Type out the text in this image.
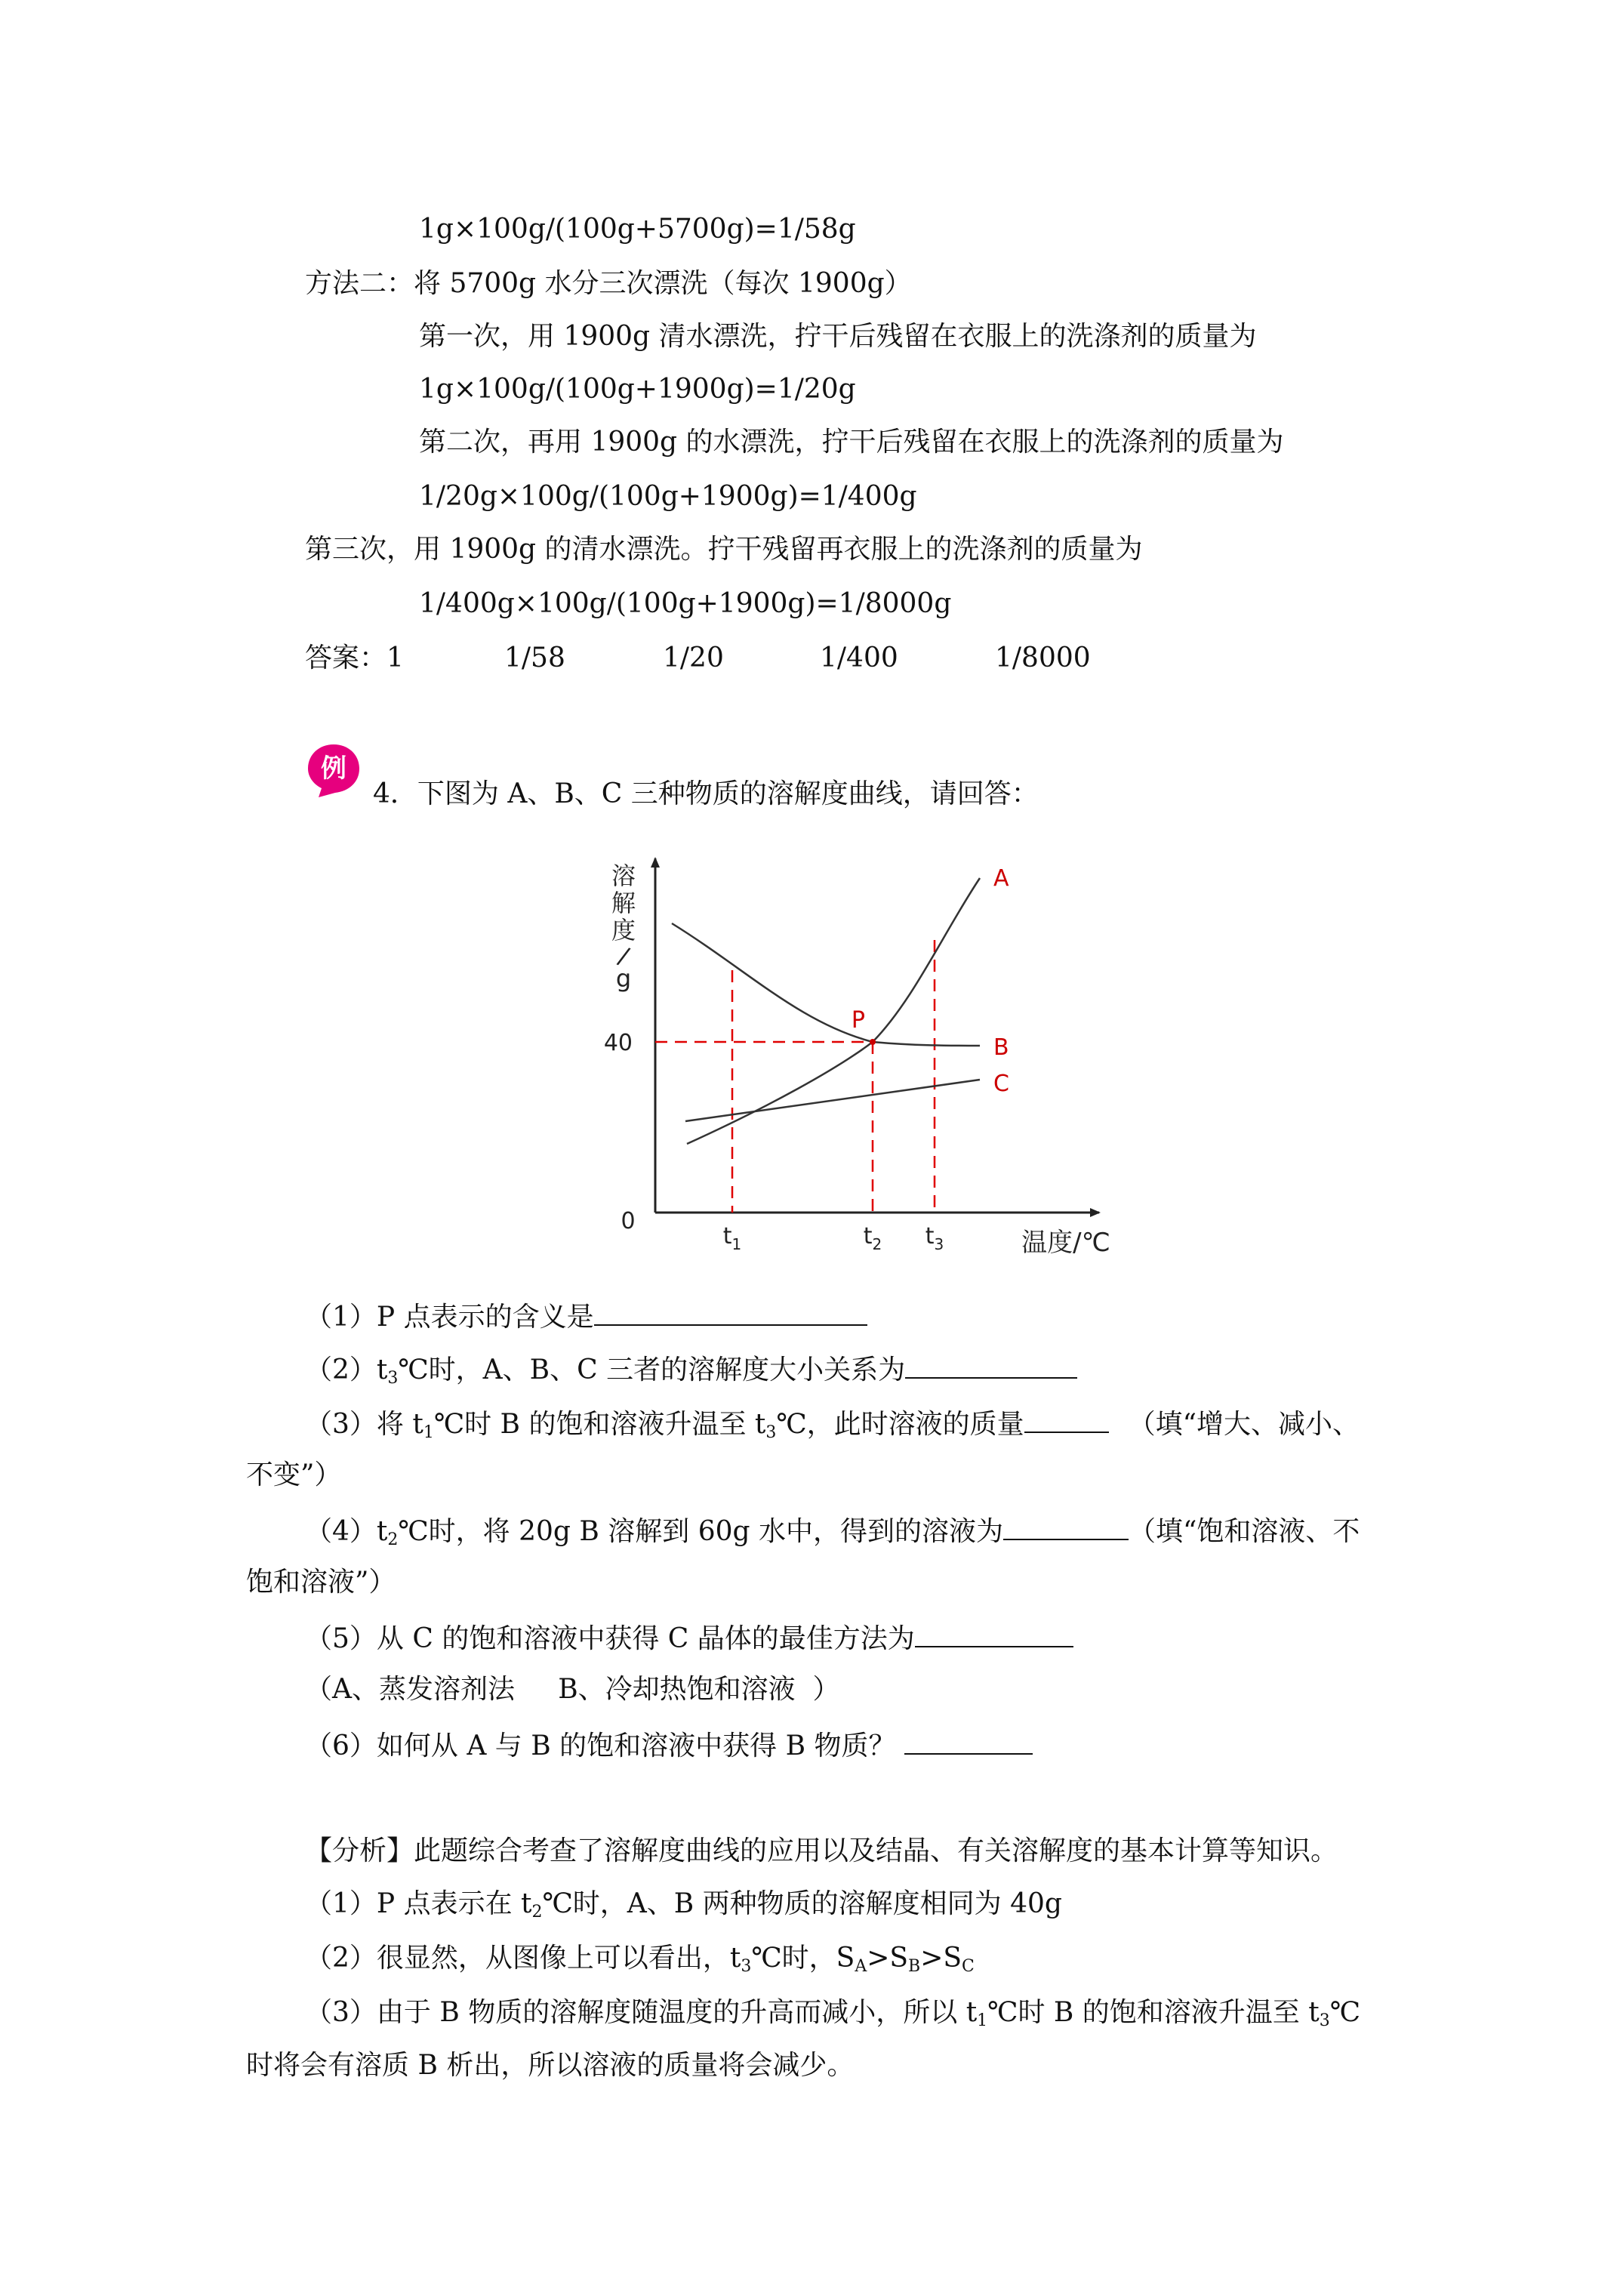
1g×100g/(100g+5700g)=1/58g
方法二：将 5700g 水分三次漂洗（每次 1900g）
第一次，用 1900g 清水漂洗，拧干后残留在衣服上的洗涤剂的质量为
1g×100g/(100g+1900g)=1/20g
第二次，再用 1900g 的水漂洗，拧干后残留在衣服上的洗涤剂的质量为
1/20g×100g/(100g+1900g)=1/400g
第三次，用 1900g 的清水漂洗。拧干残留再衣服上的洗涤剂的质量为
1/400g×100g/(100g+1900g)=1/8000g
答案：1	1/58	1/20	1/400	1/8000
例
4．下图为 A、B、C 三种物质的溶解度曲线，请回答：
溶
解
度
/
g
40
0
$t_1$	$t_2$ $t_3$	温度/℃
A
B
C
P
（1）P 点表示的含义是
$(2)t_3℃$时，A、B、C 三者的溶解度大小关系为
（3）将 $t_1℃$时 B 的饱和溶液升温至 $t_3℃$，此时溶液的质量	（填“增大、减小、
不变”）
$(4)t_2℃$时，将 20g B 溶解到 60g 水中，得到的溶液为	（填“饱和溶液、不
饱和溶液”）
（5）从 C 的饱和溶液中获得 C 晶体的最佳方法为
（A、蒸发溶剂法     B、冷却热饱和溶液  ）
（6）如何从 A 与 B 的饱和溶液中获得 B 物质？
【分析】此题综合考查了溶解度曲线的应用以及结晶、有关溶解度的基本计算等知识。
（1）P 点表示在 $t_2℃$时，A、B 两种物质的溶解度相同为 40g
（2）很显然，从图像上可以看出，$t_3℃$时，$S_A>S_B>S_C$
（3）由于 B 物质的溶解度随温度的升高而减小，所以 $t_1℃$时 B 的饱和溶液升温至 $t_3℃$
时将会有溶质 B 析出，所以溶液的质量将会减少。
